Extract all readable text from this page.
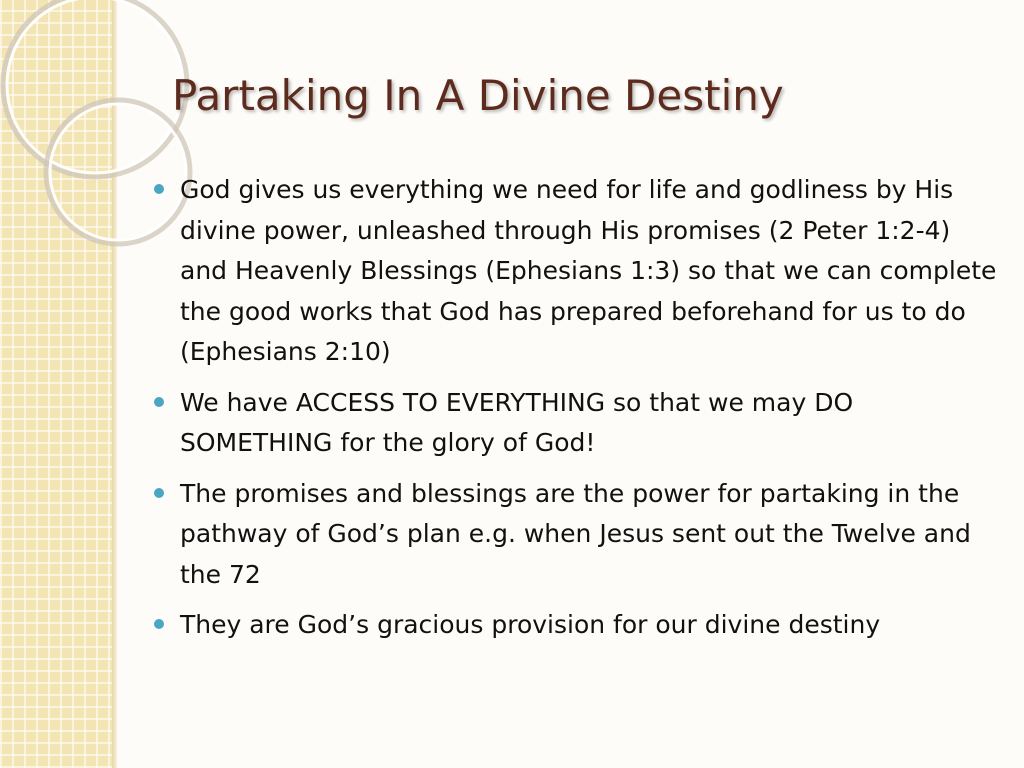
Partaking In A Divine Destiny
God gives us everything we need for life and godliness by His divine power, unleashed through His promises (2 Peter 1:2-4) and Heavenly Blessings (Ephesians 1:3) so that we can complete the good works that God has prepared beforehand for us to do (Ephesians 2:10)
We have ACCESS TO EVERYTHING so that we may DO SOMETHING for the glory of God!
The promises and blessings are the power for partaking in the pathway of God’s plan e.g. when Jesus sent out the Twelve and the 72
They are God’s gracious provision for our divine destiny
